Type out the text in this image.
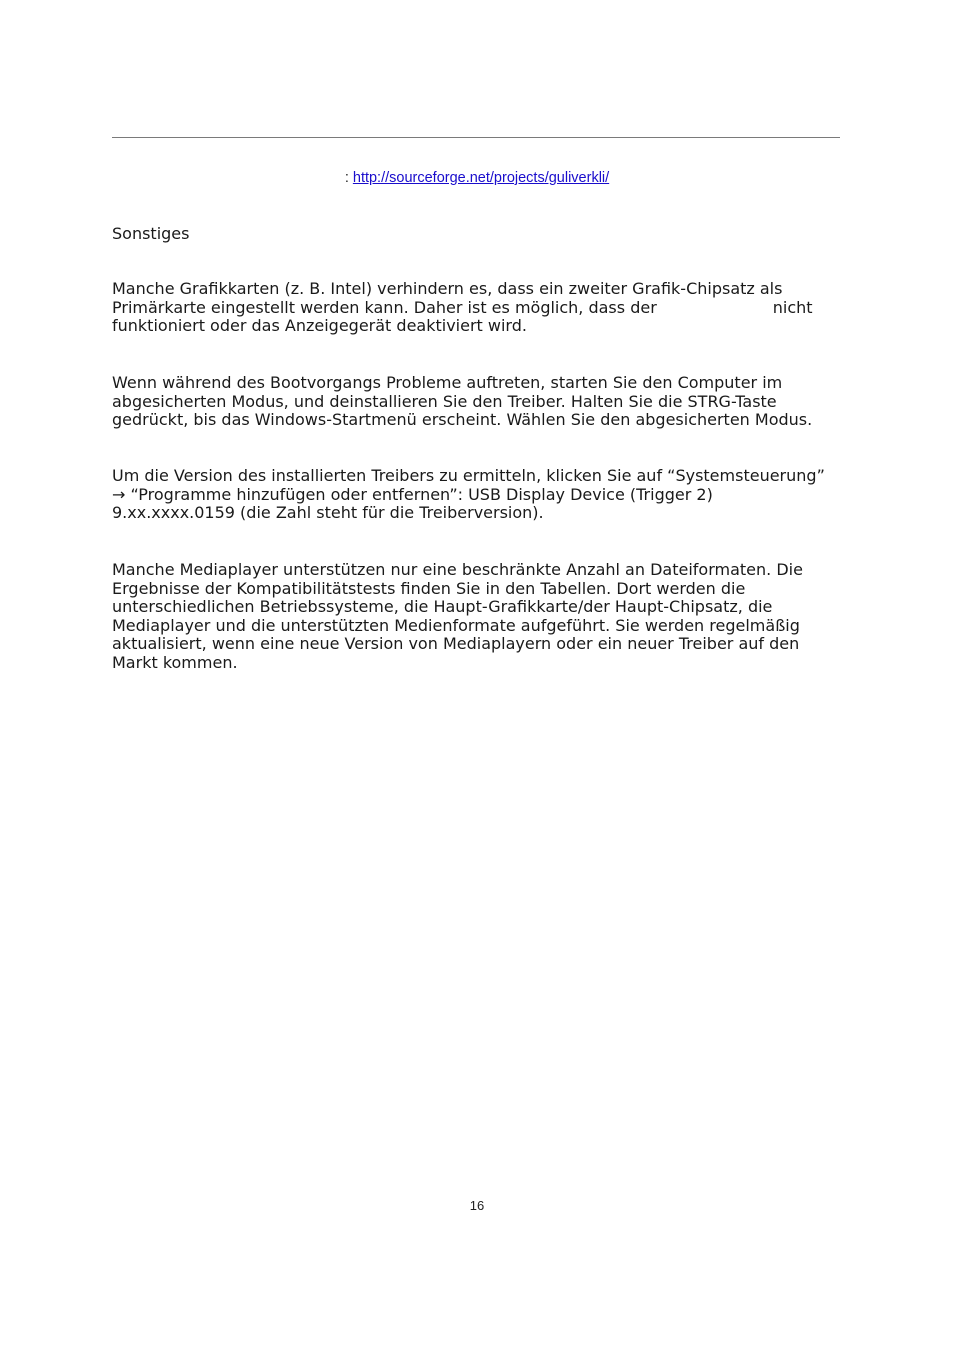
: http://sourceforge.net/projects/guliverkli/
Sonstiges

Manche Grafikkarten (z. B. Intel) verhindern es, dass ein zweiter Grafik-Chipsatz als
Primärkarte eingestellt werden kann. Daher ist es möglich, dass der	nicht
funktioniert oder das Anzeigegerät deaktiviert wird.

Wenn während des Bootvorgangs Probleme auftreten, starten Sie den Computer im
abgesicherten Modus, und deinstallieren Sie den Treiber. Halten Sie die STRG-Taste
gedrückt, bis das Windows-Startmenü erscheint. Wählen Sie den abgesicherten Modus.

Um die Version des installierten Treibers zu ermitteln, klicken Sie auf “Systemsteuerung”
→ “Programme hinzufügen oder entfernen”: USB Display Device (Trigger 2)
9.xx.xxxx.0159 (die Zahl steht für die Treiberversion).

Manche Mediaplayer unterstützen nur eine beschränkte Anzahl an Dateiformaten. Die
Ergebnisse der Kompatibilitätstests finden Sie in den Tabellen. Dort werden die
unterschiedlichen Betriebssysteme, die Haupt-Grafikkarte/der Haupt-Chipsatz, die
Mediaplayer und die unterstützten Medienformate aufgeführt. Sie werden regelmäßig
aktualisiert, wenn eine neue Version von Mediaplayern oder ein neuer Treiber auf den
Markt kommen.

16
